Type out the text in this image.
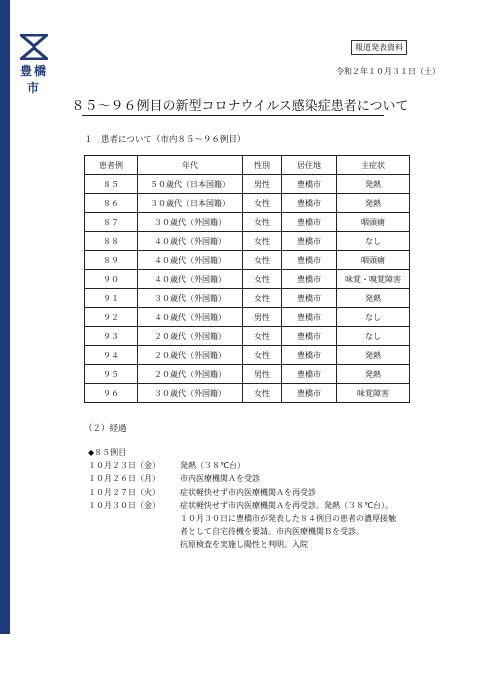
豊橋市
報道発表資料
令和２年１０月３１日（土）
８５～９６例目の新型コロナウイルス感染症患者について
１　患者について（市内８５～９６例目）
患者例	年代	性別	居住地	主症状
８５	５０歳代（日本国籍）	男性	豊橋市	発熱
８６	３０歳代（日本国籍）	女性	豊橋市	発熱
８７	３０歳代（外国籍）	女性	豊橋市	咽頭痛
８８	４０歳代（外国籍）	女性	豊橋市	なし
８９	４０歳代（外国籍）	女性	豊橋市	咽頭痛
９０	４０歳代（外国籍）	女性	豊橋市	味覚・嗅覚障害
９１	３０歳代（外国籍）	女性	豊橋市	発熱
９２	４０歳代（外国籍）	男性	豊橋市	なし
９３	２０歳代（外国籍）	女性	豊橋市	なし
９４	２０歳代（外国籍）	女性	豊橋市	発熱
９５	２０歳代（外国籍）	男性	豊橋市	発熱
９６	３０歳代（外国籍）	女性	豊橋市	味覚障害
（２）経過
◆８５例目
１０月２３日（金）	発熱（３８℃台）
１０月２６日（月）	市内医療機関Ａを受診
１０月２７日（火）	症状軽快せず市内医療機関Ａを再受診
１０月３０日（金）	症状軽快せず市内医療機関Ａを再受診。発熱（３８℃台）。
１０月３０日に豊橋市が発表した８４例目の患者の濃厚接触
者として自宅待機を要請。市内医療機関Ｂを受診。
抗原検査を実施し陽性と判明。入院
